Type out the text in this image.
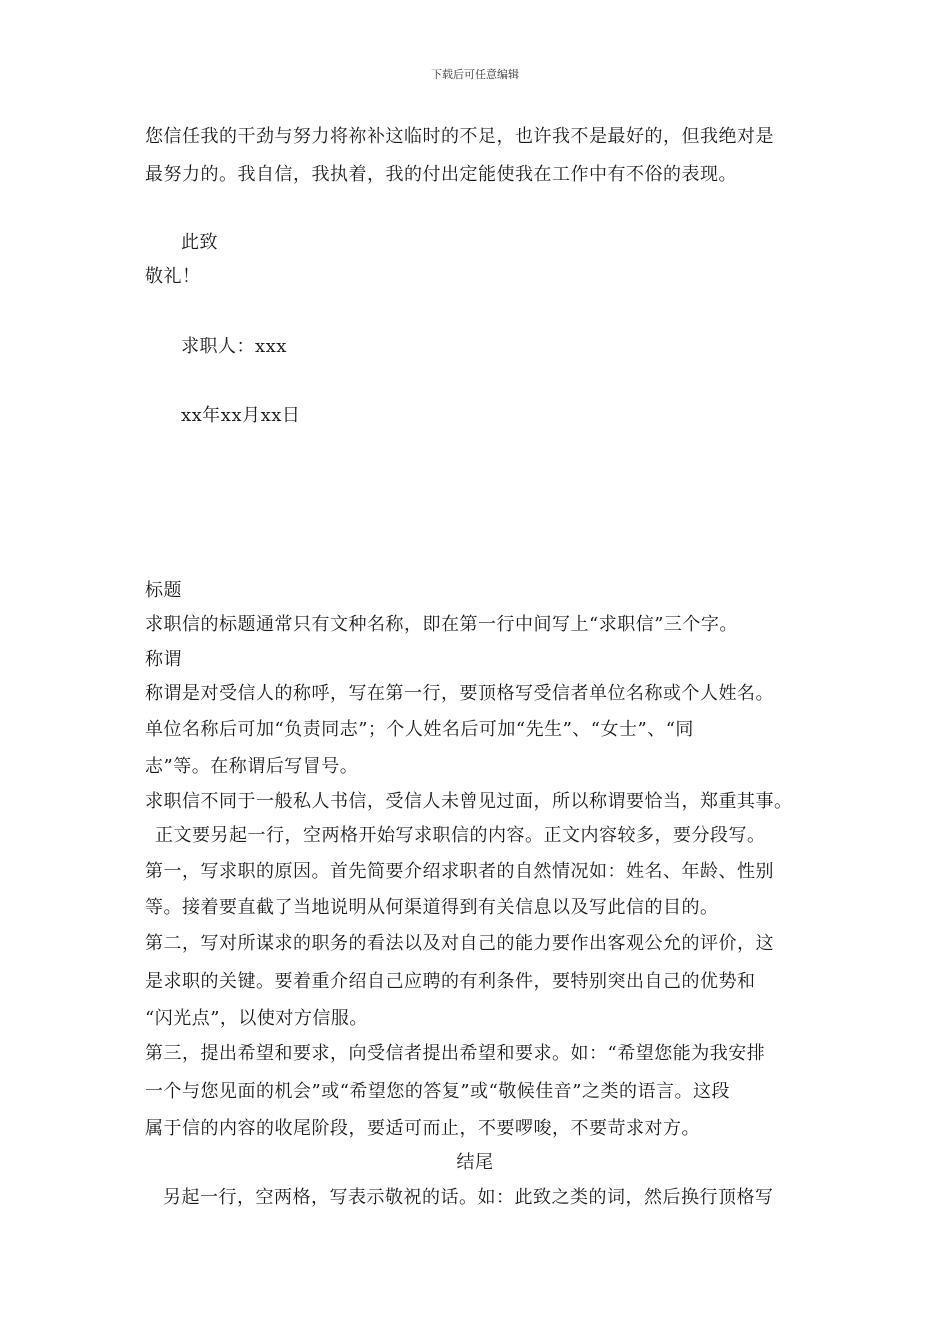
下载后可任意编辑
您信任我的干劲与努力将祢补这临时的不足，也许我不是最好的，但我绝对是
最努力的。我自信，我执着，我的付出定能使我在工作中有不俗的表现。
此致
敬礼！
求职人：xxx
xx年xx月xx日
标题
求职信的标题通常只有文种名称，即在第一行中间写上“求职信”三个字。
称谓
称谓是对受信人的称呼，写在第一行，要顶格写受信者单位名称或个人姓名。
单位名称后可加“负责同志”；个人姓名后可加“先生”、“女士”、“同
志”等。在称谓后写冒号。
求职信不同于一般私人书信，受信人未曾见过面，所以称谓要恰当，郑重其事。
正文要另起一行，空两格开始写求职信的内容。正文内容较多，要分段写。
第一，写求职的原因。首先简要介绍求职者的自然情况如：姓名、年龄、性别
等。接着要直截了当地说明从何渠道得到有关信息以及写此信的目的。
第二，写对所谋求的职务的看法以及对自己的能力要作出客观公允的评价，这
是求职的关键。要着重介绍自己应聘的有利条件，要特别突出自己的优势和
“闪光点”，以使对方信服。
第三，提出希望和要求，向受信者提出希望和要求。如：“希望您能为我安排
一个与您见面的机会”或“希望您的答复”或“敬候佳音”之类的语言。这段
属于信的内容的收尾阶段，要适可而止，不要啰唆，不要苛求对方。
结尾
另起一行，空两格，写表示敬祝的话。如：此致之类的词，然后换行顶格写
